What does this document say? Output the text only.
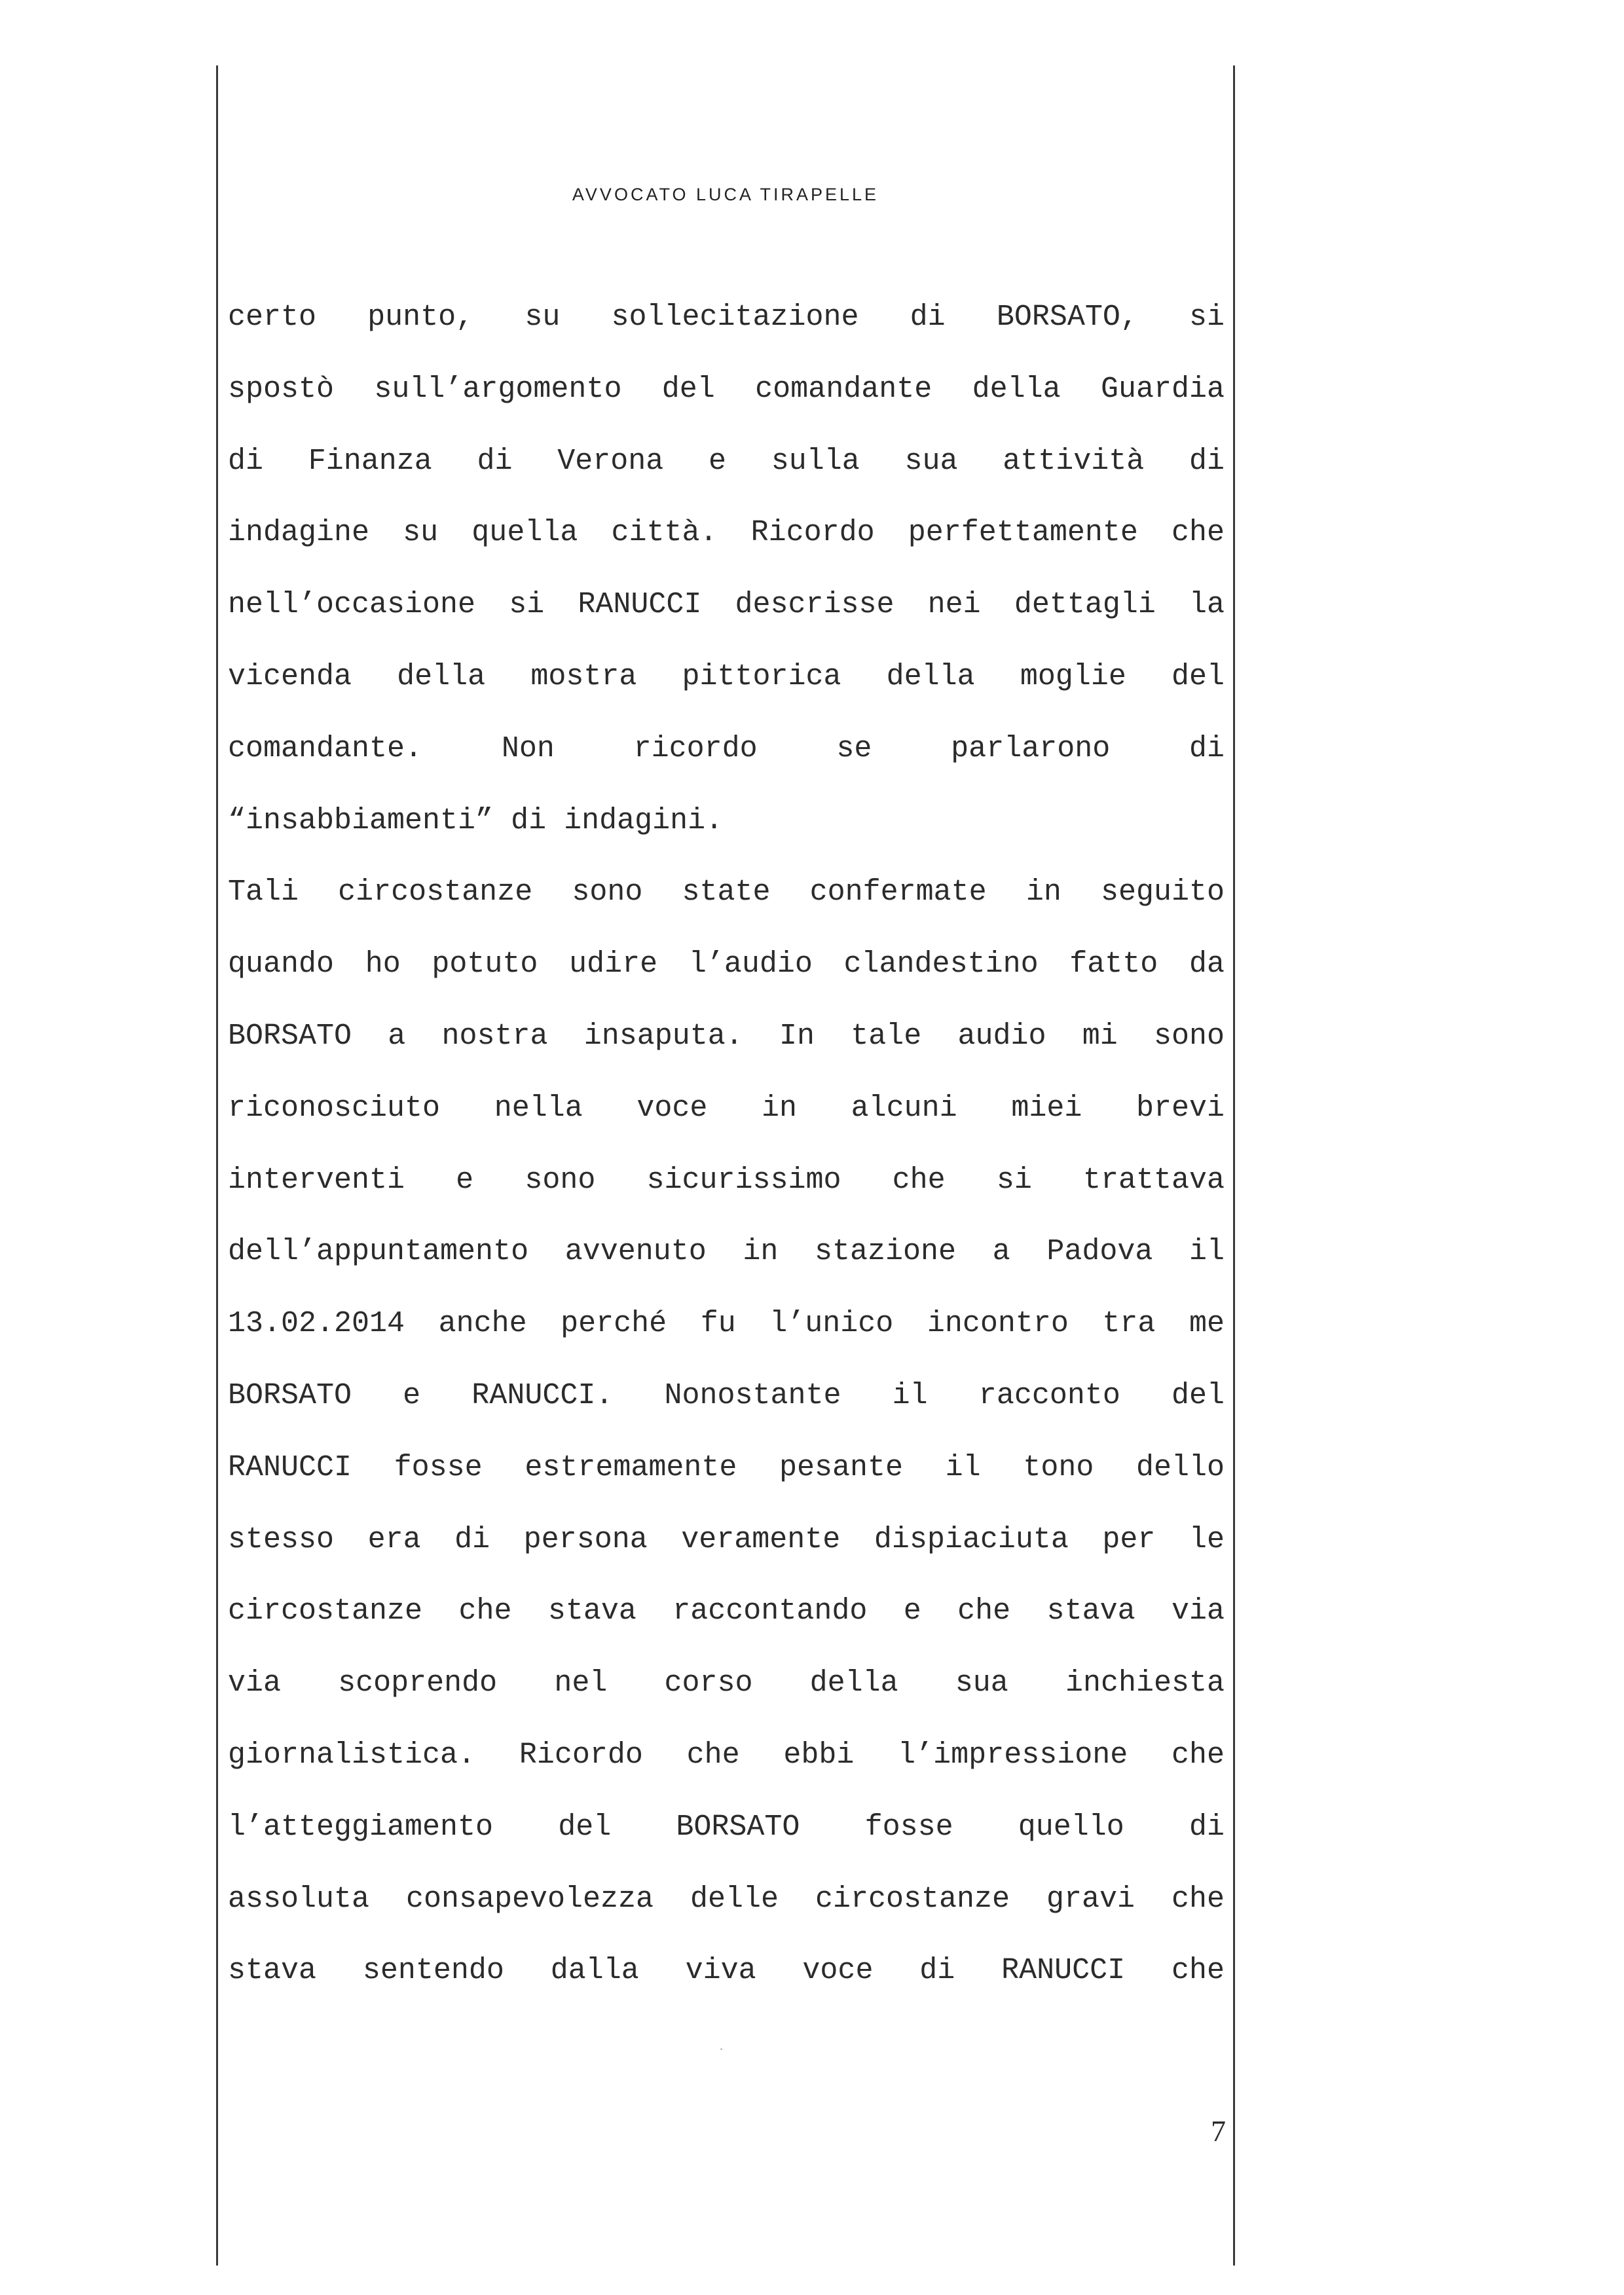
AVVOCATO LUCA TIRAPELLE
certo punto, su sollecitazione di BORSATO, si
spostò sull’argomento del comandante della Guardia
di Finanza di Verona e sulla sua attività di
indagine su quella città. Ricordo perfettamente che
nell’occasione si RANUCCI descrisse nei dettagli la
vicenda della mostra pittorica della moglie del
comandante. Non ricordo se parlarono di
“insabbiamenti” di indagini.
Tali circostanze sono state confermate in seguito
quando ho potuto udire l’audio clandestino fatto da
BORSATO a nostra insaputa. In tale audio mi sono
riconosciuto nella voce in alcuni miei brevi
interventi e sono sicurissimo che si trattava
dell’appuntamento avvenuto in stazione a Padova il
13.02.2014 anche perché fu l’unico incontro tra me
BORSATO e RANUCCI. Nonostante il racconto del
RANUCCI fosse estremamente pesante il tono dello
stesso era di persona veramente dispiaciuta per le
circostanze che stava raccontando e che stava via
via scoprendo nel corso della sua inchiesta
giornalistica. Ricordo che ebbi l’impressione che
l’atteggiamento del BORSATO fosse quello di
assoluta consapevolezza delle circostanze gravi che
stava sentendo dalla viva voce di RANUCCI che
7
